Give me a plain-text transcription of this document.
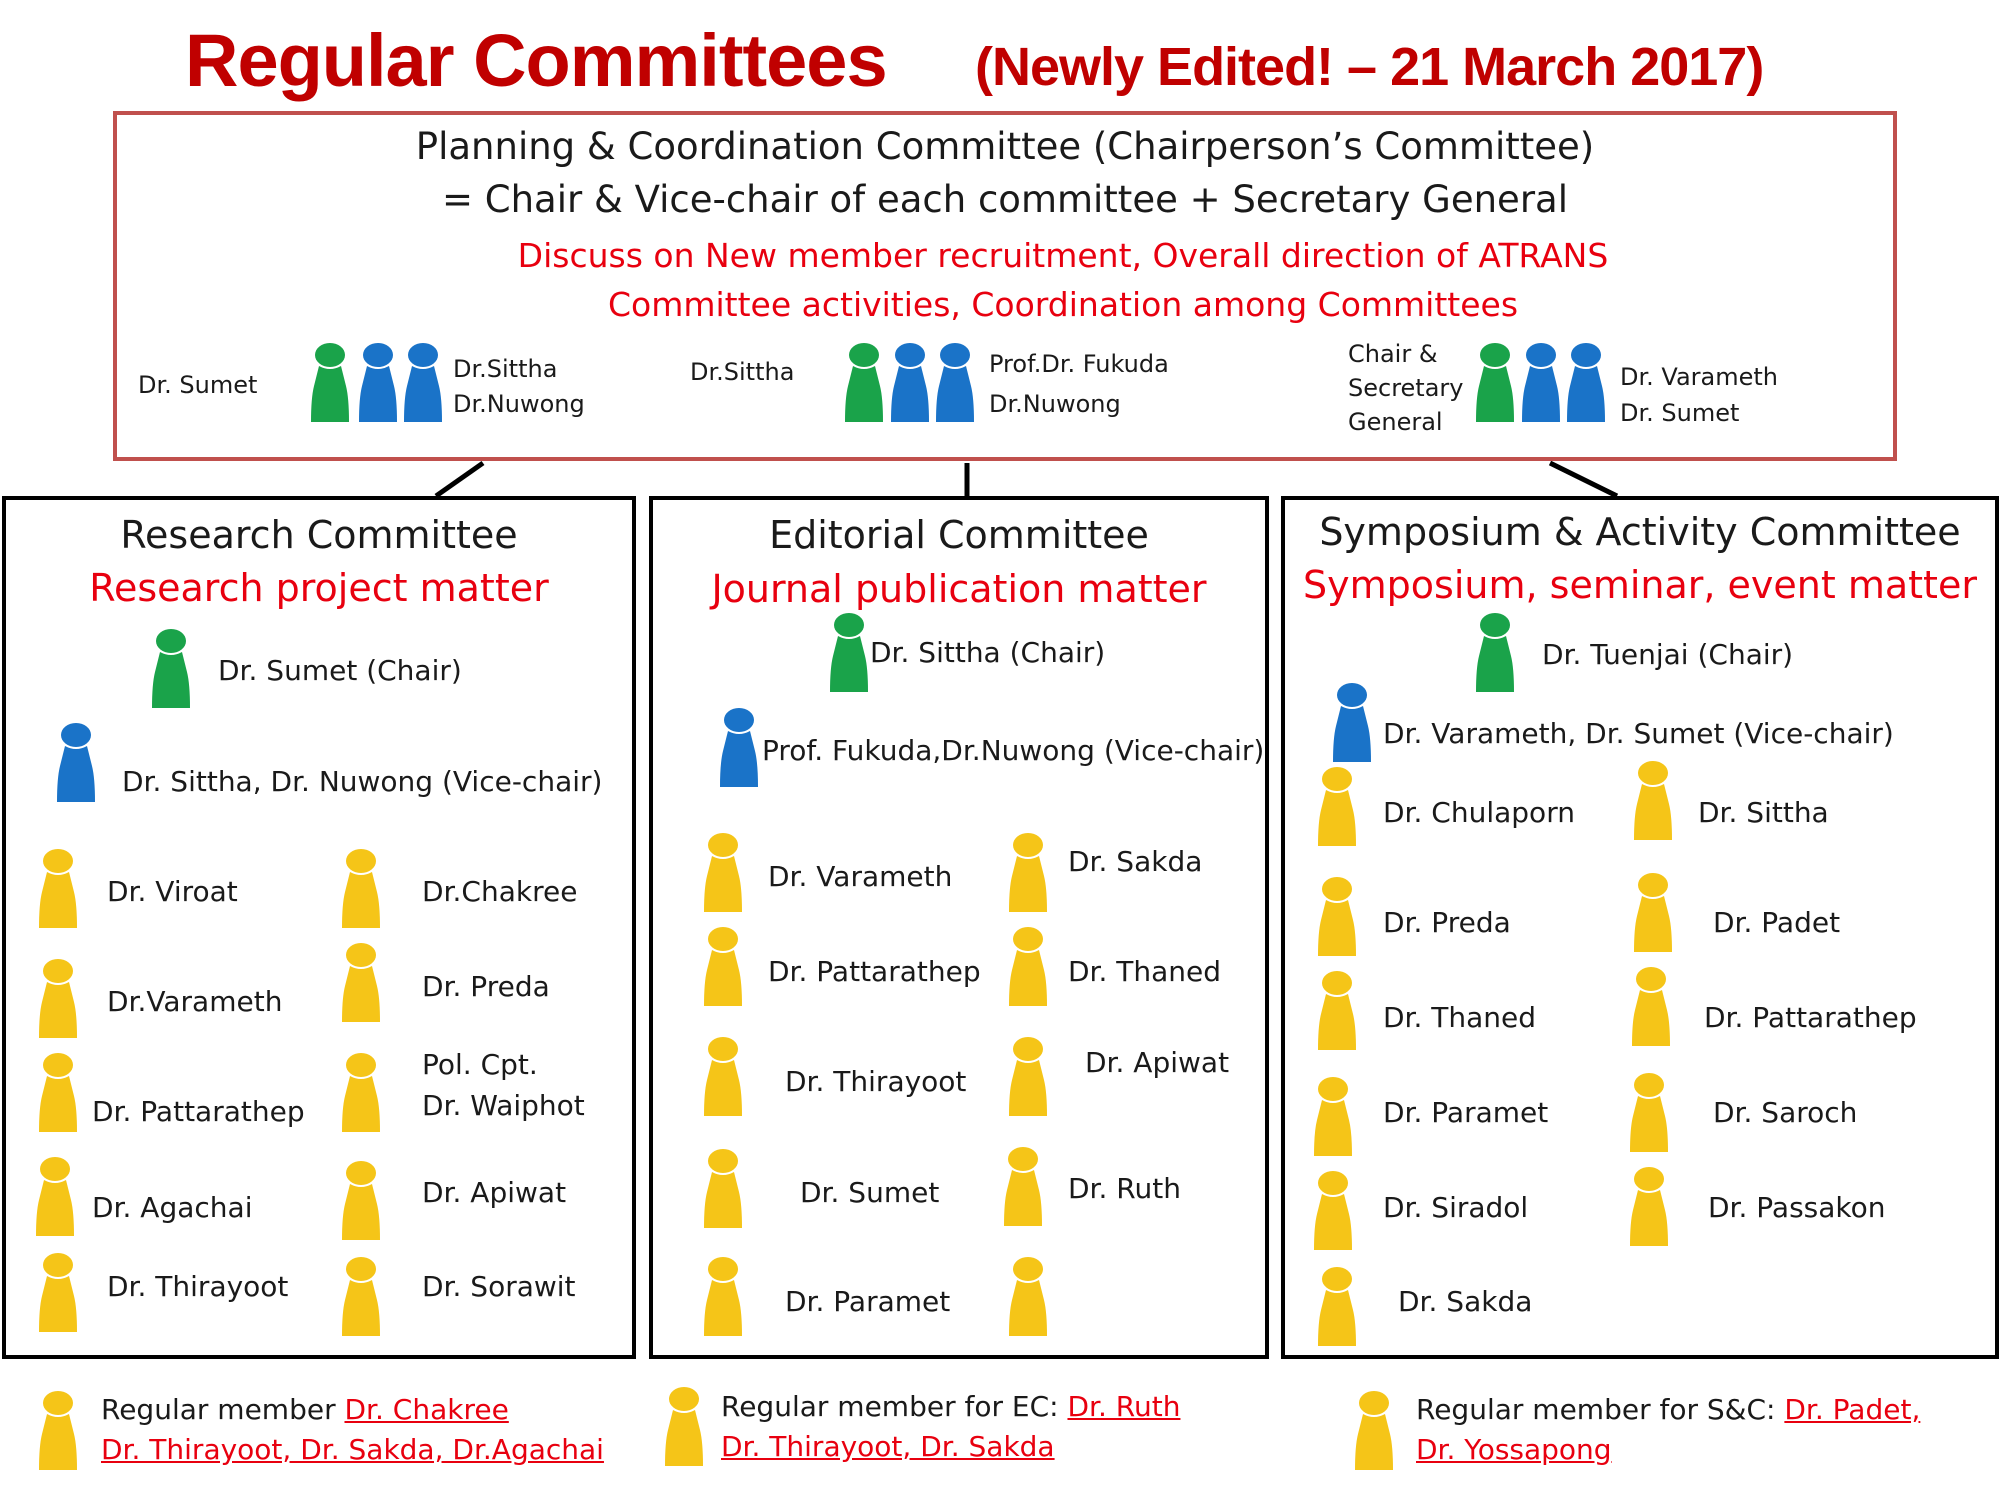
Regular Committees (Newly Edited! – 21 March 2017)
Planning & Coordination Committee (Chairperson’s Committee)
= Chair & Vice-chair of each committee + Secretary General
Discuss on New member recruitment, Overall direction of ATRANS
Committee activities, Coordination among Committees
Dr. Sumet
Dr.Sittha
Dr.Nuwong
Dr.Sittha	Prof.Dr. Fukuda
Dr.Nuwong
Chair &
Secretary
General
Dr. Varameth
Dr. Sumet
Research Committee
Research project matter
Dr. Sumet (Chair)
Dr. Sittha, Dr. Nuwong (Vice-chair)
Dr. Viroat
Dr.Varameth
Dr. Pattarathep
Dr. Agachai
Dr. Thirayoot
Dr.Chakree
Dr. Preda
Pol. Cpt.
Dr. Waiphot
Dr. Apiwat
Dr. Sorawit
Editorial Committee
Journal publication matter
Dr. Sittha (Chair)
Prof. Fukuda,Dr.Nuwong (Vice-chair)
Dr. Varameth
Dr. Pattarathep
Dr. Thirayoot
Dr. Sumet
Dr. Paramet
Dr. Sakda
Dr. Thaned
Dr. Apiwat
Dr. Ruth
Symposium & Activity Committee
Symposium, seminar, event matter
Dr. Tuenjai (Chair)
Dr. Varameth, Dr. Sumet (Vice-chair)
Dr. Chulaporn
Dr. Preda
Dr. Thaned
Dr. Paramet
Dr. Siradol
Dr. Sakda
Dr. Sittha
Dr. Padet
Dr. Pattarathep
Dr. Saroch
Dr. Passakon
Regular member Dr. Chakree
Dr. Thirayoot, Dr. Sakda, Dr.Agachai
Regular member for EC: Dr. Ruth
Dr. Thirayoot, Dr. Sakda
Regular member for S&C: Dr. Padet,
Dr. Yossapong
